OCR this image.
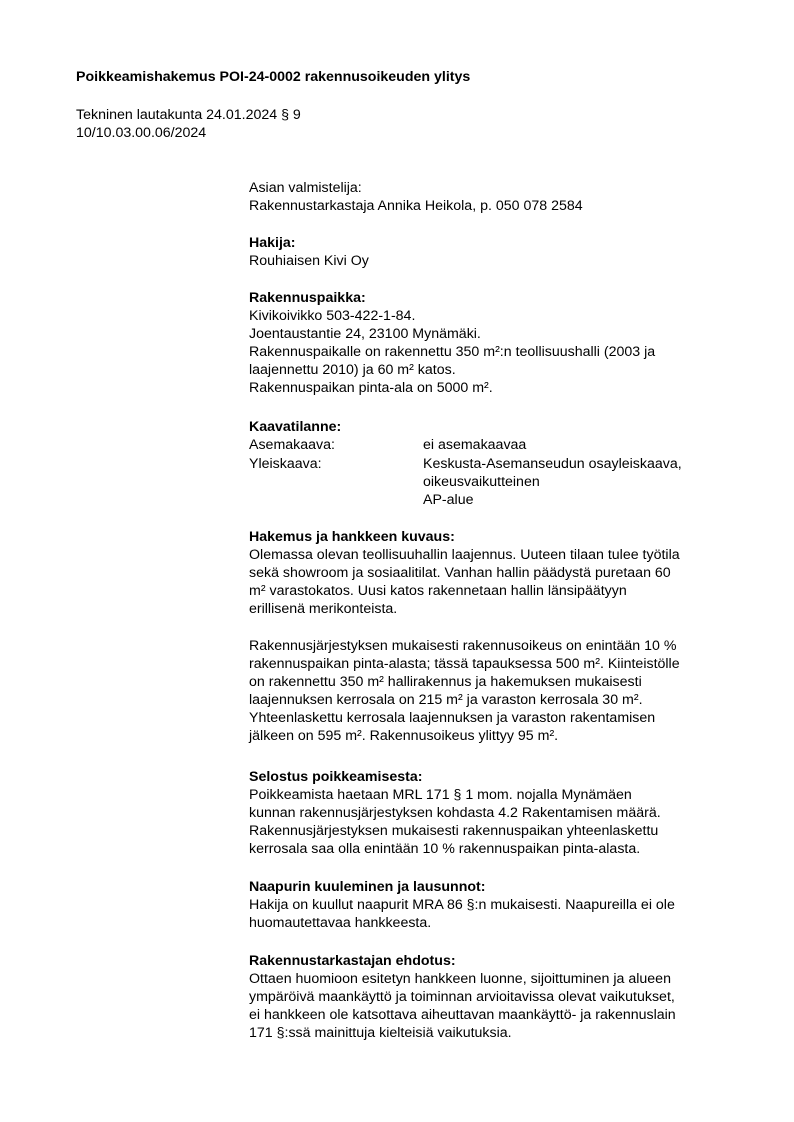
Poikkeamishakemus POI-24-0002 rakennusoikeuden ylitys
Tekninen lautakunta 24.01.2024 § 9
10/10.03.00.06/2024
Asian valmistelija:
Rakennustarkastaja Annika Heikola, p. 050 078 2584
Hakija:
Rouhiaisen Kivi Oy
Rakennuspaikka:
Kivikoivikko 503-422-1-84.
Joentaustantie 24, 23100 Mynämäki.
Rakennuspaikalle on rakennettu 350 m²:n teollisuushalli (2003 ja
laajennettu 2010) ja 60 m² katos.
Rakennuspaikan pinta-ala on 5000 m².
Kaavatilanne:
Asemakaava:	ei asemakaavaa
Yleiskaava:	Keskusta-Asemanseudun osayleiskaava,
oikeusvaikutteinen
AP-alue
Hakemus ja hankkeen kuvaus:
Olemassa olevan teollisuuhallin laajennus. Uuteen tilaan tulee työtila
sekä showroom ja sosiaalitilat. Vanhan hallin päädystä puretaan 60
m² varastokatos. Uusi katos rakennetaan hallin länsipäätyyn
erillisenä merikonteista.
Rakennusjärjestyksen mukaisesti rakennusoikeus on enintään 10 %
rakennuspaikan pinta-alasta; tässä tapauksessa 500 m². Kiinteistölle
on rakennettu 350 m² hallirakennus ja hakemuksen mukaisesti
laajennuksen kerrosala on 215 m² ja varaston kerrosala 30 m².
Yhteenlaskettu kerrosala laajennuksen ja varaston rakentamisen
jälkeen on 595 m². Rakennusoikeus ylittyy 95 m².
Selostus poikkeamisesta:
Poikkeamista haetaan MRL 171 § 1 mom. nojalla Mynämäen
kunnan rakennusjärjestyksen kohdasta 4.2 Rakentamisen määrä.
Rakennusjärjestyksen mukaisesti rakennuspaikan yhteenlaskettu
kerrosala saa olla enintään 10 % rakennuspaikan pinta-alasta.
Naapurin kuuleminen ja lausunnot:
Hakija on kuullut naapurit MRA 86 §:n mukaisesti. Naapureilla ei ole
huomautettavaa hankkeesta.
Rakennustarkastajan ehdotus:
Ottaen huomioon esitetyn hankkeen luonne, sijoittuminen ja alueen
ympäröivä maankäyttö ja toiminnan arvioitavissa olevat vaikutukset,
ei hankkeen ole katsottava aiheuttavan maankäyttö- ja rakennuslain
171 §:ssä mainittuja kielteisiä vaikutuksia.
